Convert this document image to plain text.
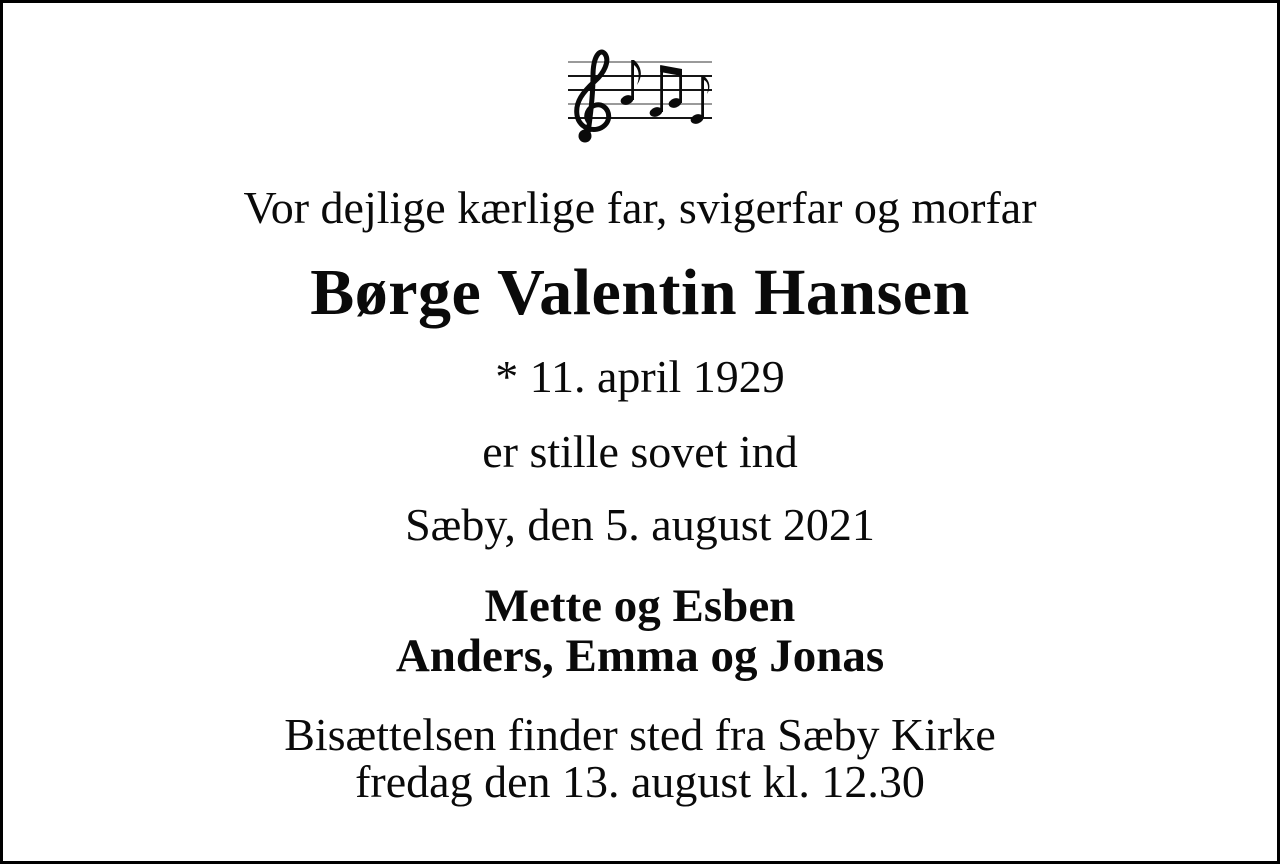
Vor dejlige kærlige far, svigerfar og morfar

Børge Valentin Hansen

* 11. april 1929

er stille sovet ind

Sæby, den 5. august 2021

Mette og Esben
Anders, Emma og Jonas
Bisættelsen finder sted fra Sæby Kirke
fredag den 13. august kl. 12.30
